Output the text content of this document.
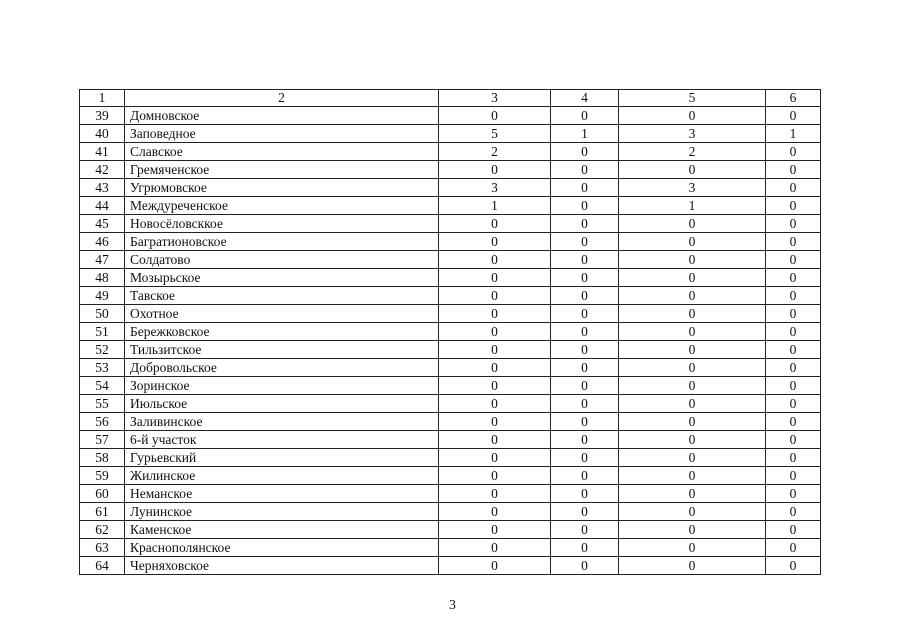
1	2	3	4	5	6
39	Домновское	0	0	0	0
40	Заповедное	5	1	3	1
41	Славское	2	0	2	0
42	Гремяченское	0	0	0	0
43	Угрюмовское	3	0	3	0
44	Междуреченское	1	0	1	0
45	Новосёловсккое	0	0	0	0
46	Багратионовское	0	0	0	0
47	Солдатово	0	0	0	0
48	Мозырьское	0	0	0	0
49	Тавское	0	0	0	0
50	Охотное	0	0	0	0
51	Бережковское	0	0	0	0
52	Тильзитское	0	0	0	0
53	Добровольское	0	0	0	0
54	Зоринское	0	0	0	0
55	Июльское	0	0	0	0
56	Заливинское	0	0	0	0
57	6-й участок	0	0	0	0
58	Гурьевский	0	0	0	0
59	Жилинское	0	0	0	0
60	Неманское	0	0	0	0
61	Лунинское	0	0	0	0
62	Каменское	0	0	0	0
63	Краснополянское	0	0	0	0
64	Черняховское	0	0	0	0
3
